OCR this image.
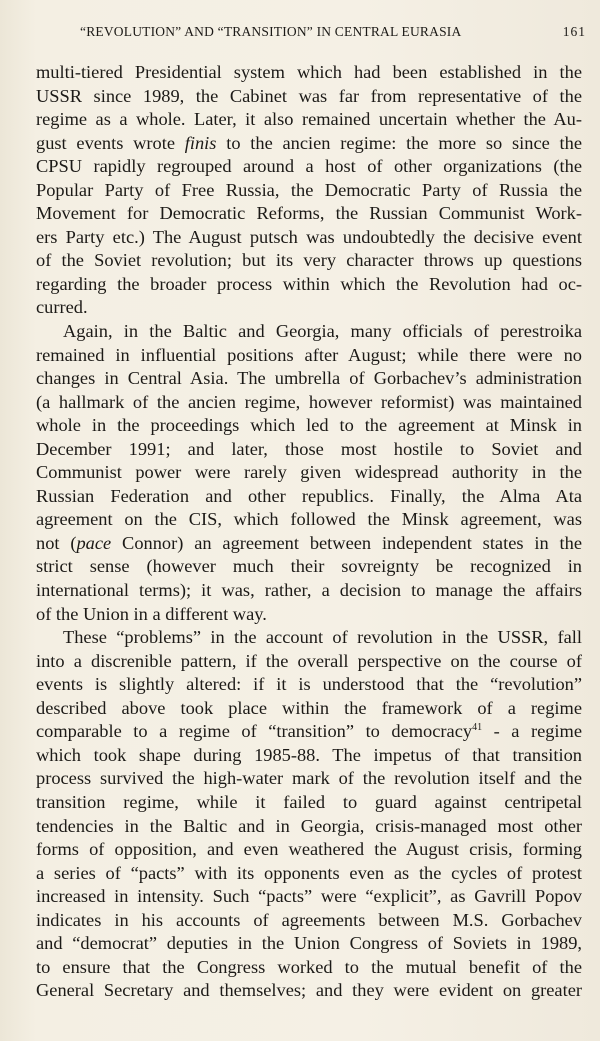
“REVOLUTION” AND “TRANSITION” IN CENTRAL EURASIA	161

multi-tiered Presidential system which had been established in the
USSR since 1989, the Cabinet was far from representative of the
regime as a whole. Later, it also remained uncertain whether the Au-
gust events wrote finis to the ancien regime: the more so since the
CPSU rapidly regrouped around a host of other organizations (the
Popular Party of Free Russia, the Democratic Party of Russia the
Movement for Democratic Reforms, the Russian Communist Work-
ers Party etc.) The August putsch was undoubtedly the decisive event
of the Soviet revolution; but its very character throws up questions
regarding the broader process within which the Revolution had oc-
curred.

Again, in the Baltic and Georgia, many officials of perestroika
remained in influential positions after August; while there were no
changes in Central Asia. The umbrella of Gorbachev’s administration
(a hallmark of the ancien regime, however reformist) was maintained
whole in the proceedings which led to the agreement at Minsk in
December 1991; and later, those most hostile to Soviet and
Communist power were rarely given widespread authority in the
Russian Federation and other republics. Finally, the Alma Ata
agreement on the CIS, which followed the Minsk agreement, was
not (pace Connor) an agreement between independent states in the
strict sense (however much their sovreignty be recognized in
international terms); it was, rather, a decision to manage the affairs
of the Union in a different way.

These “problems” in the account of revolution in the USSR, fall
into a discrenible pattern, if the overall perspective on the course of
events is slightly altered: if it is understood that the “revolution”
described above took place within the framework of a regime
comparable to a regime of “transition” to democracy$^{41}$ - a regime
which took shape during 1985-88. The impetus of that transition
process survived the high-water mark of the revolution itself and the
transition regime, while it failed to guard against centripetal
tendencies in the Baltic and in Georgia, crisis-managed most other
forms of opposition, and even weathered the August crisis, forming
a series of “pacts” with its opponents even as the cycles of protest
increased in intensity. Such “pacts” were “explicit”, as Gavrill Popov
indicates in his accounts of agreements between M.S. Gorbachev
and “democrat” deputies in the Union Congress of Soviets in 1989,
to ensure that the Congress worked to the mutual benefit of the
General Secretary and themselves; and they were evident on greater
